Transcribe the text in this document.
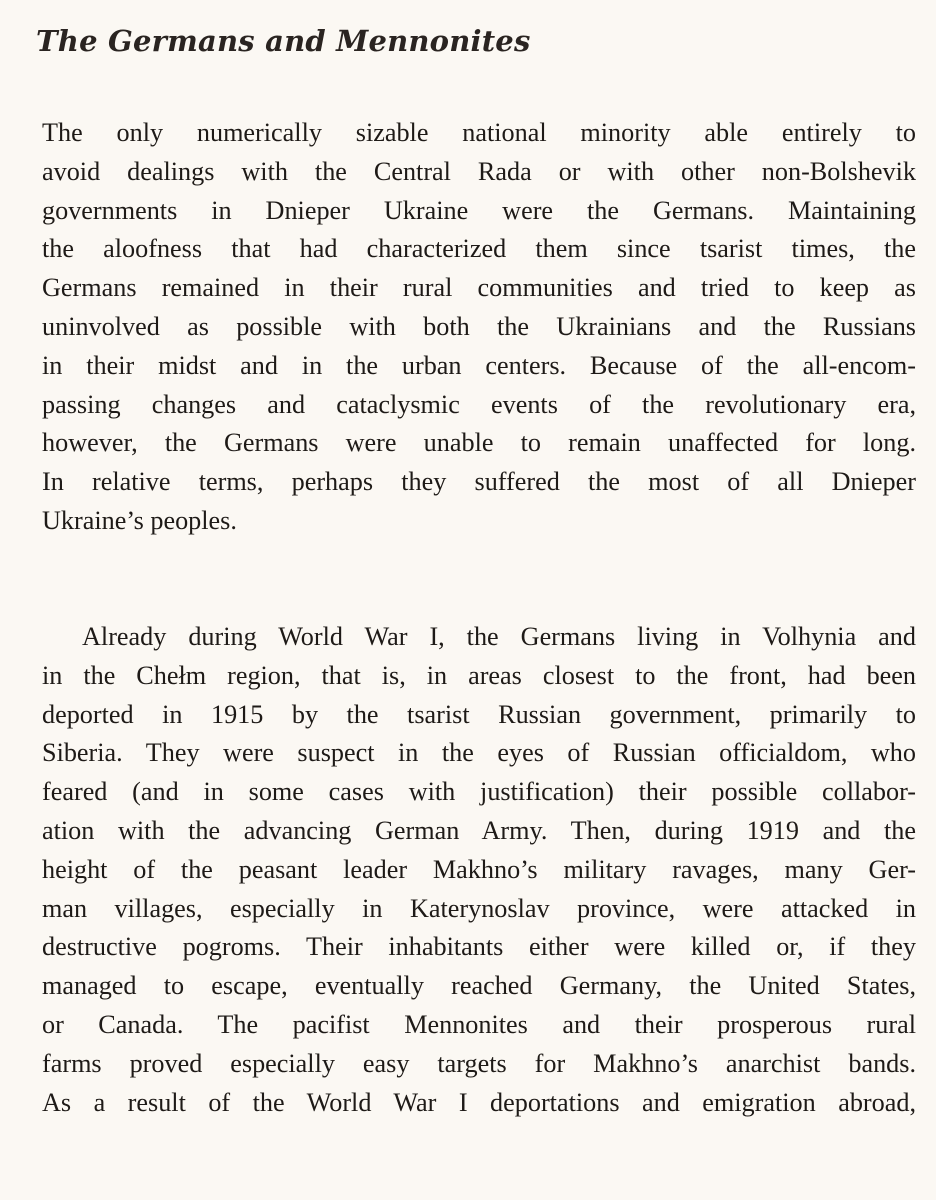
The Germans and Mennonites
The only numerically sizable national minority able entirely to
avoid dealings with the Central Rada or with other non-Bolshevik
governments in Dnieper Ukraine were the Germans. Maintaining
the aloofness that had characterized them since tsarist times, the
Germans remained in their rural communities and tried to keep as
uninvolved as possible with both the Ukrainians and the Russians
in their midst and in the urban centers. Because of the all-encom-
passing changes and cataclysmic events of the revolutionary era,
however, the Germans were unable to remain unaffected for long.
In relative terms, perhaps they suffered the most of all Dnieper
Ukraine’s peoples.
Already during World War I, the Germans living in Volhynia and
in the Chełm region, that is, in areas closest to the front, had been
deported in 1915 by the tsarist Russian government, primarily to
Siberia. They were suspect in the eyes of Russian officialdom, who
feared (and in some cases with justification) their possible collabor-
ation with the advancing German Army. Then, during 1919 and the
height of the peasant leader Makhno’s military ravages, many Ger-
man villages, especially in Katerynoslav province, were attacked in
destructive pogroms. Their inhabitants either were killed or, if they
managed to escape, eventually reached Germany, the United States,
or Canada. The pacifist Mennonites and their prosperous rural
farms proved especially easy targets for Makhno’s anarchist bands.
As a result of the World War I deportations and emigration abroad,
